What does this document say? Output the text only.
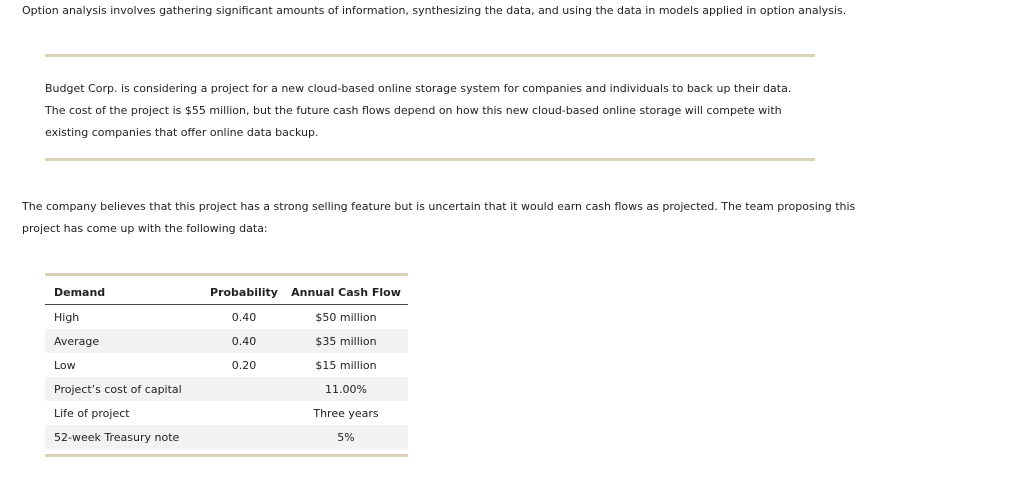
Option analysis involves gathering significant amounts of information, synthesizing the data, and using the data in models applied in option analysis.

Budget Corp. is considering a project for a new cloud-based online storage system for companies and individuals to back up their data.

The cost of the project is $55 million, but the future cash flows depend on how this new cloud-based online storage will compete with

existing companies that offer online data backup.

The company believes that this project has a strong selling feature but is uncertain that it would earn cash flows as projected. The team proposing this

project has come up with the following data:

Demand	Probability	Annual Cash Flow
High	0.40	$50 million
Average	0.40	$35 million
Low	0.20	$15 million
Project’s cost of capital		11.00%
Life of project		Three years
52-week Treasury note		5%
